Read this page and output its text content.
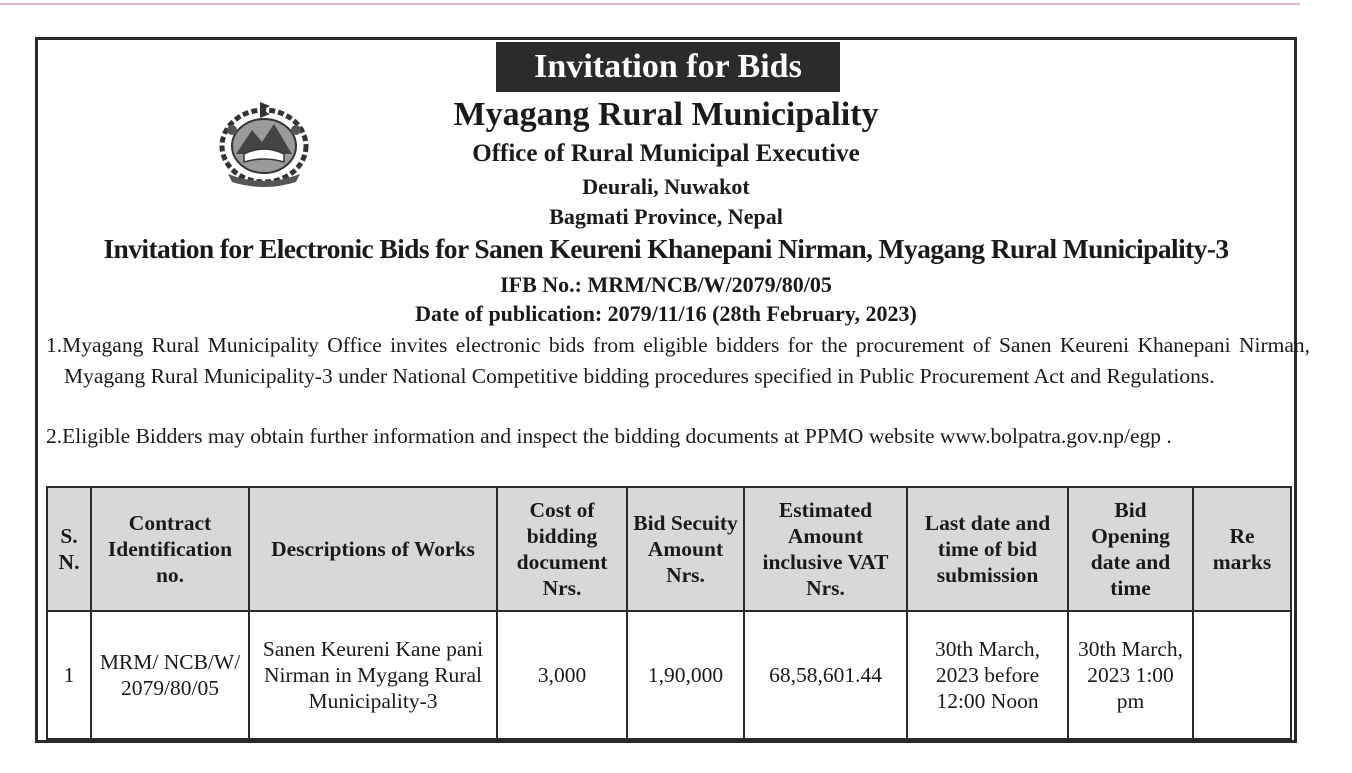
Invitation for Bids
Myagang Rural Municipality
Office of Rural Municipal Executive
Deurali, Nuwakot
Bagmati Province, Nepal
Invitation for Electronic Bids for Sanen Keureni Khanepani Nirman, Myagang Rural Municipality-3
IFB No.: MRM/NCB/W/2079/80/05
Date of publication: 2079/11/16 (28th February, 2023)
1.Myagang Rural Municipality Office invites electronic bids from eligible bidders for the procurement of Sanen Keureni Khanepani Nirman, Myagang Rural Municipality-3 under National Competitive bidding procedures specified in Public Procurement Act and Regulations.
2.Eligible Bidders may obtain further information and inspect the bidding documents at PPMO website www.bolpatra.gov.np/egp .
S. N.	Contract Identification no.	Descriptions of Works	Cost of bidding document Nrs.	Bid Secuity Amount Nrs.	Estimated Amount inclusive VAT Nrs.	Last date and time of bid submission	Bid Opening date and time	Re marks
1	MRM/ NCB/W/ 2079/80/05	Sanen Keureni Kane pani Nirman in Mygang Rural Municipality-3	3,000	1,90,000	68,58,601.44	30th March, 2023 before 12:00 Noon	30th March, 2023 1:00 pm	
